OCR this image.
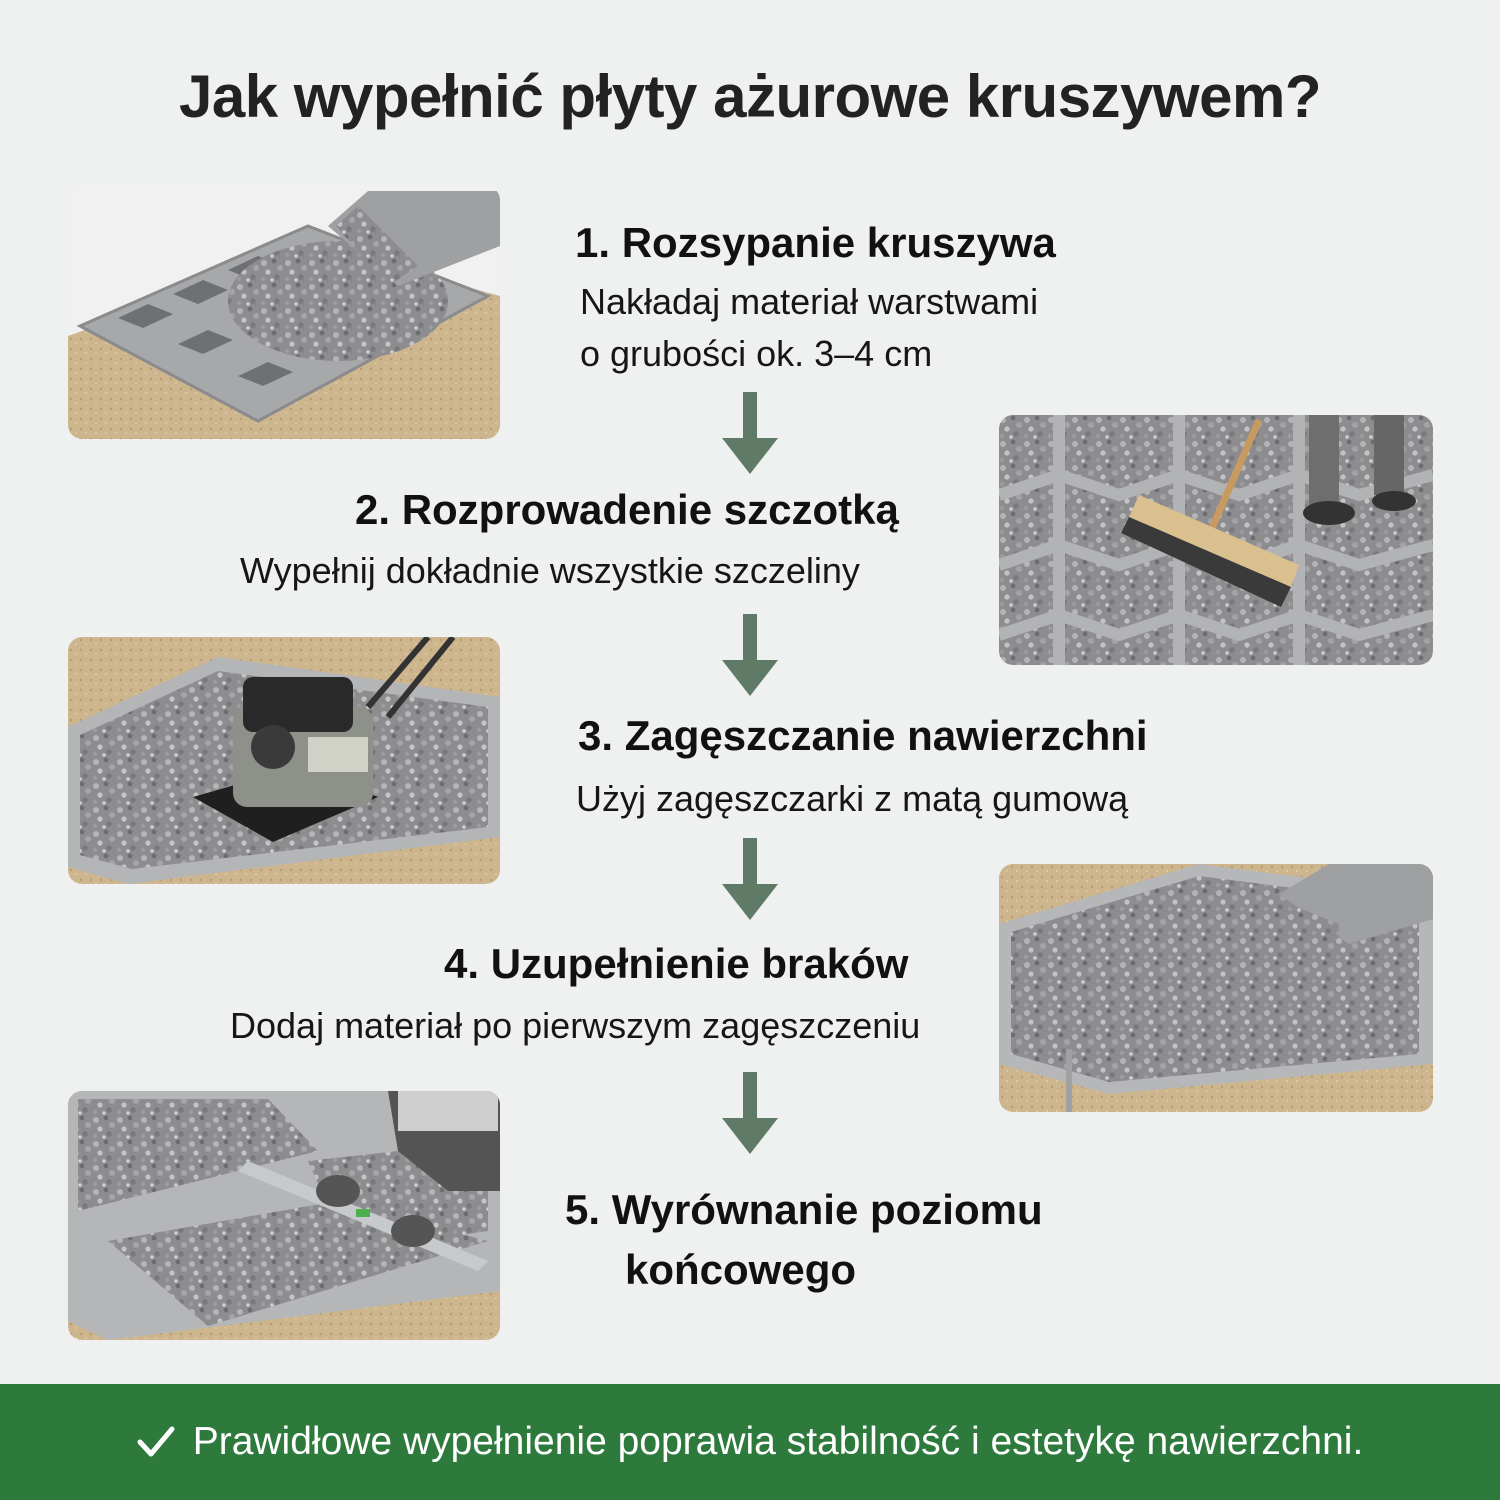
Jak wypełnić płyty ażurowe kruszywem?
1. Rozsypanie kruszywa
Nakładaj materiał warstwami
o grubości ok. 3–4 cm
2. Rozprowadenie szczotką
Wypełnij dokładnie wszystkie szczeliny
3. Zagęszczanie nawierzchni
Użyj zagęszczarki z matą gumową
4. Uzupełnienie braków
Dodaj materiał po pierwszym zagęszczeniu
5. Wyrównanie poziomu
końcowego
Prawidłowe wypełnienie poprawia stabilność i estetykę nawierzchni.
